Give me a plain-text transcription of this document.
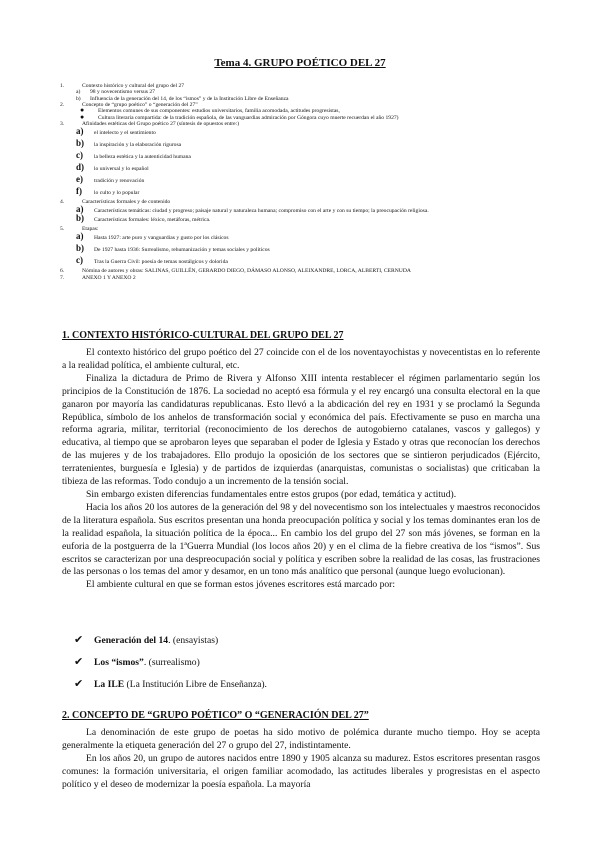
Tema 4. GRUPO POÉTICO DEL 27
1.	Contexto histórico y cultural del grupo del 27
a) 98 y novecentismo versus 27
b) Influencia de la generación del 14, de los “ismos” y de la Institución Libre de Enseñanza
2.	Concepto de “grupo poético” o “generación del 27”
● Elementos comunes de sus componentes: estudios universitarios, familia acomodada, actitudes progresistas,
● Cultura literaria compartida: de la tradición española, de las vanguardias admiración por Góngora cuyo muerte recuerdan el año 1927)
3.	Afinidades estéticas del Grupo poético 27 (síntesis de opuestos entre:)
a) el intelecto y el sentimiento
b) la inspiración y la elaboración rigurosa
c) la belleza estética y la autenticidad humana
d) lo universal y lo español
e) tradición y renovación
f) lo culto y lo popular
4.	Características formales y de contenido
a) Características temáticas: ciudad y progreso; paisaje natural y naturaleza humana; compromiso con el arte y con su tiempo; la preocupación religiosa.
b) Características formales: léxico, metáforas, métrica.
5.	Etapas:
a) Hasta 1927: arte puro y vanguardias y gusto por los clásicos
b) De 1927 hasta 1936: Surrealismo, rehumanización y temas sociales y políticos
c) Tras la Guerra Civil: poesía de temas nostálgicos y dolorida
6.	Nómina de autores y obras: SALINAS, GUILLÉN, GERARDO DIEGO, DÁMASO ALONSO, ALEIXANDRE, LORCA, ALBERTI, CERNUDA
7.	ANEXO 1 Y ANEXO 2
1. CONTEXTO HISTÓRICO-CULTURAL DEL GRUPO DEL 27

El contexto histórico del grupo poético del 27 coincide con el de los noventayochistas y novecentistas en lo referente a la realidad política, el ambiente cultural, etc.

Finaliza la dictadura de Primo de Rivera y Alfonso XIII intenta restablecer el régimen parlamentario según los principios de la Constitución de 1876. La sociedad no aceptó esa fórmula y el rey encargó una consulta electoral en la que ganaron por mayoría las candidaturas republicanas. Esto llevó a la abdicación del rey en 1931 y se proclamó la Segunda República, símbolo de los anhelos de transformación social y económica del país. Efectivamente se puso en marcha una reforma agraria, militar, territorial (reconocimiento de los derechos de autogobierno catalanes, vascos y gallegos) y educativa, al tiempo que se aprobaron leyes que separaban el poder de Iglesia y Estado y otras que reconocían los derechos de las mujeres y de los trabajadores. Ello produjo la oposición de los sectores que se sintieron perjudicados (Ejército, terratenientes, burguesía e Iglesia) y de partidos de izquierdas (anarquistas, comunistas o socialistas) que criticaban la tibieza de las reformas. Todo condujo a un incremento de la tensión social.

Sin embargo existen diferencias fundamentales entre estos grupos (por edad, temática y actitud).

Hacia los años 20 los autores de la generación del 98 y del novecentismo son los intelectuales y maestros reconocidos de la literatura española. Sus escritos presentan una honda preocupación política y social y los temas dominantes eran los de la realidad española, la situación política de la época... En cambio los del grupo del 27 son más jóvenes, se forman en la euforia de la postguerra de la 1ªGuerra Mundial (los locos años 20) y en el clima de la fiebre creativa de los “ismos”. Sus escritos se caracterizan por una despreocupación social y política y escriben sobre la realidad de las cosas, las frustraciones de las personas o los temas del amor y desamor, en un tono más analítico que personal (aunque luego evolucionan).

El ambiente cultural en que se forman estos jóvenes escritores está marcado por:

✔ Generación del 14. (ensayistas)
✔ Los “ismos”. (surrealismo)
✔ La ILE (La Institución Libre de Enseñanza).
2. CONCEPTO DE “GRUPO POÉTICO” O “GENERACIÓN DEL 27”

La denominación de este grupo de poetas ha sido motivo de polémica durante mucho tiempo. Hoy se acepta generalmente la etiqueta generación del 27 o grupo del 27, indistintamente.

En los años 20, un grupo de autores nacidos entre 1890 y 1905 alcanza su madurez. Estos escritores presentan rasgos comunes: la formación universitaria, el origen familiar acomodado, las actitudes liberales y progresistas en el aspecto político y el deseo de modernizar la poesía española. La mayoría
